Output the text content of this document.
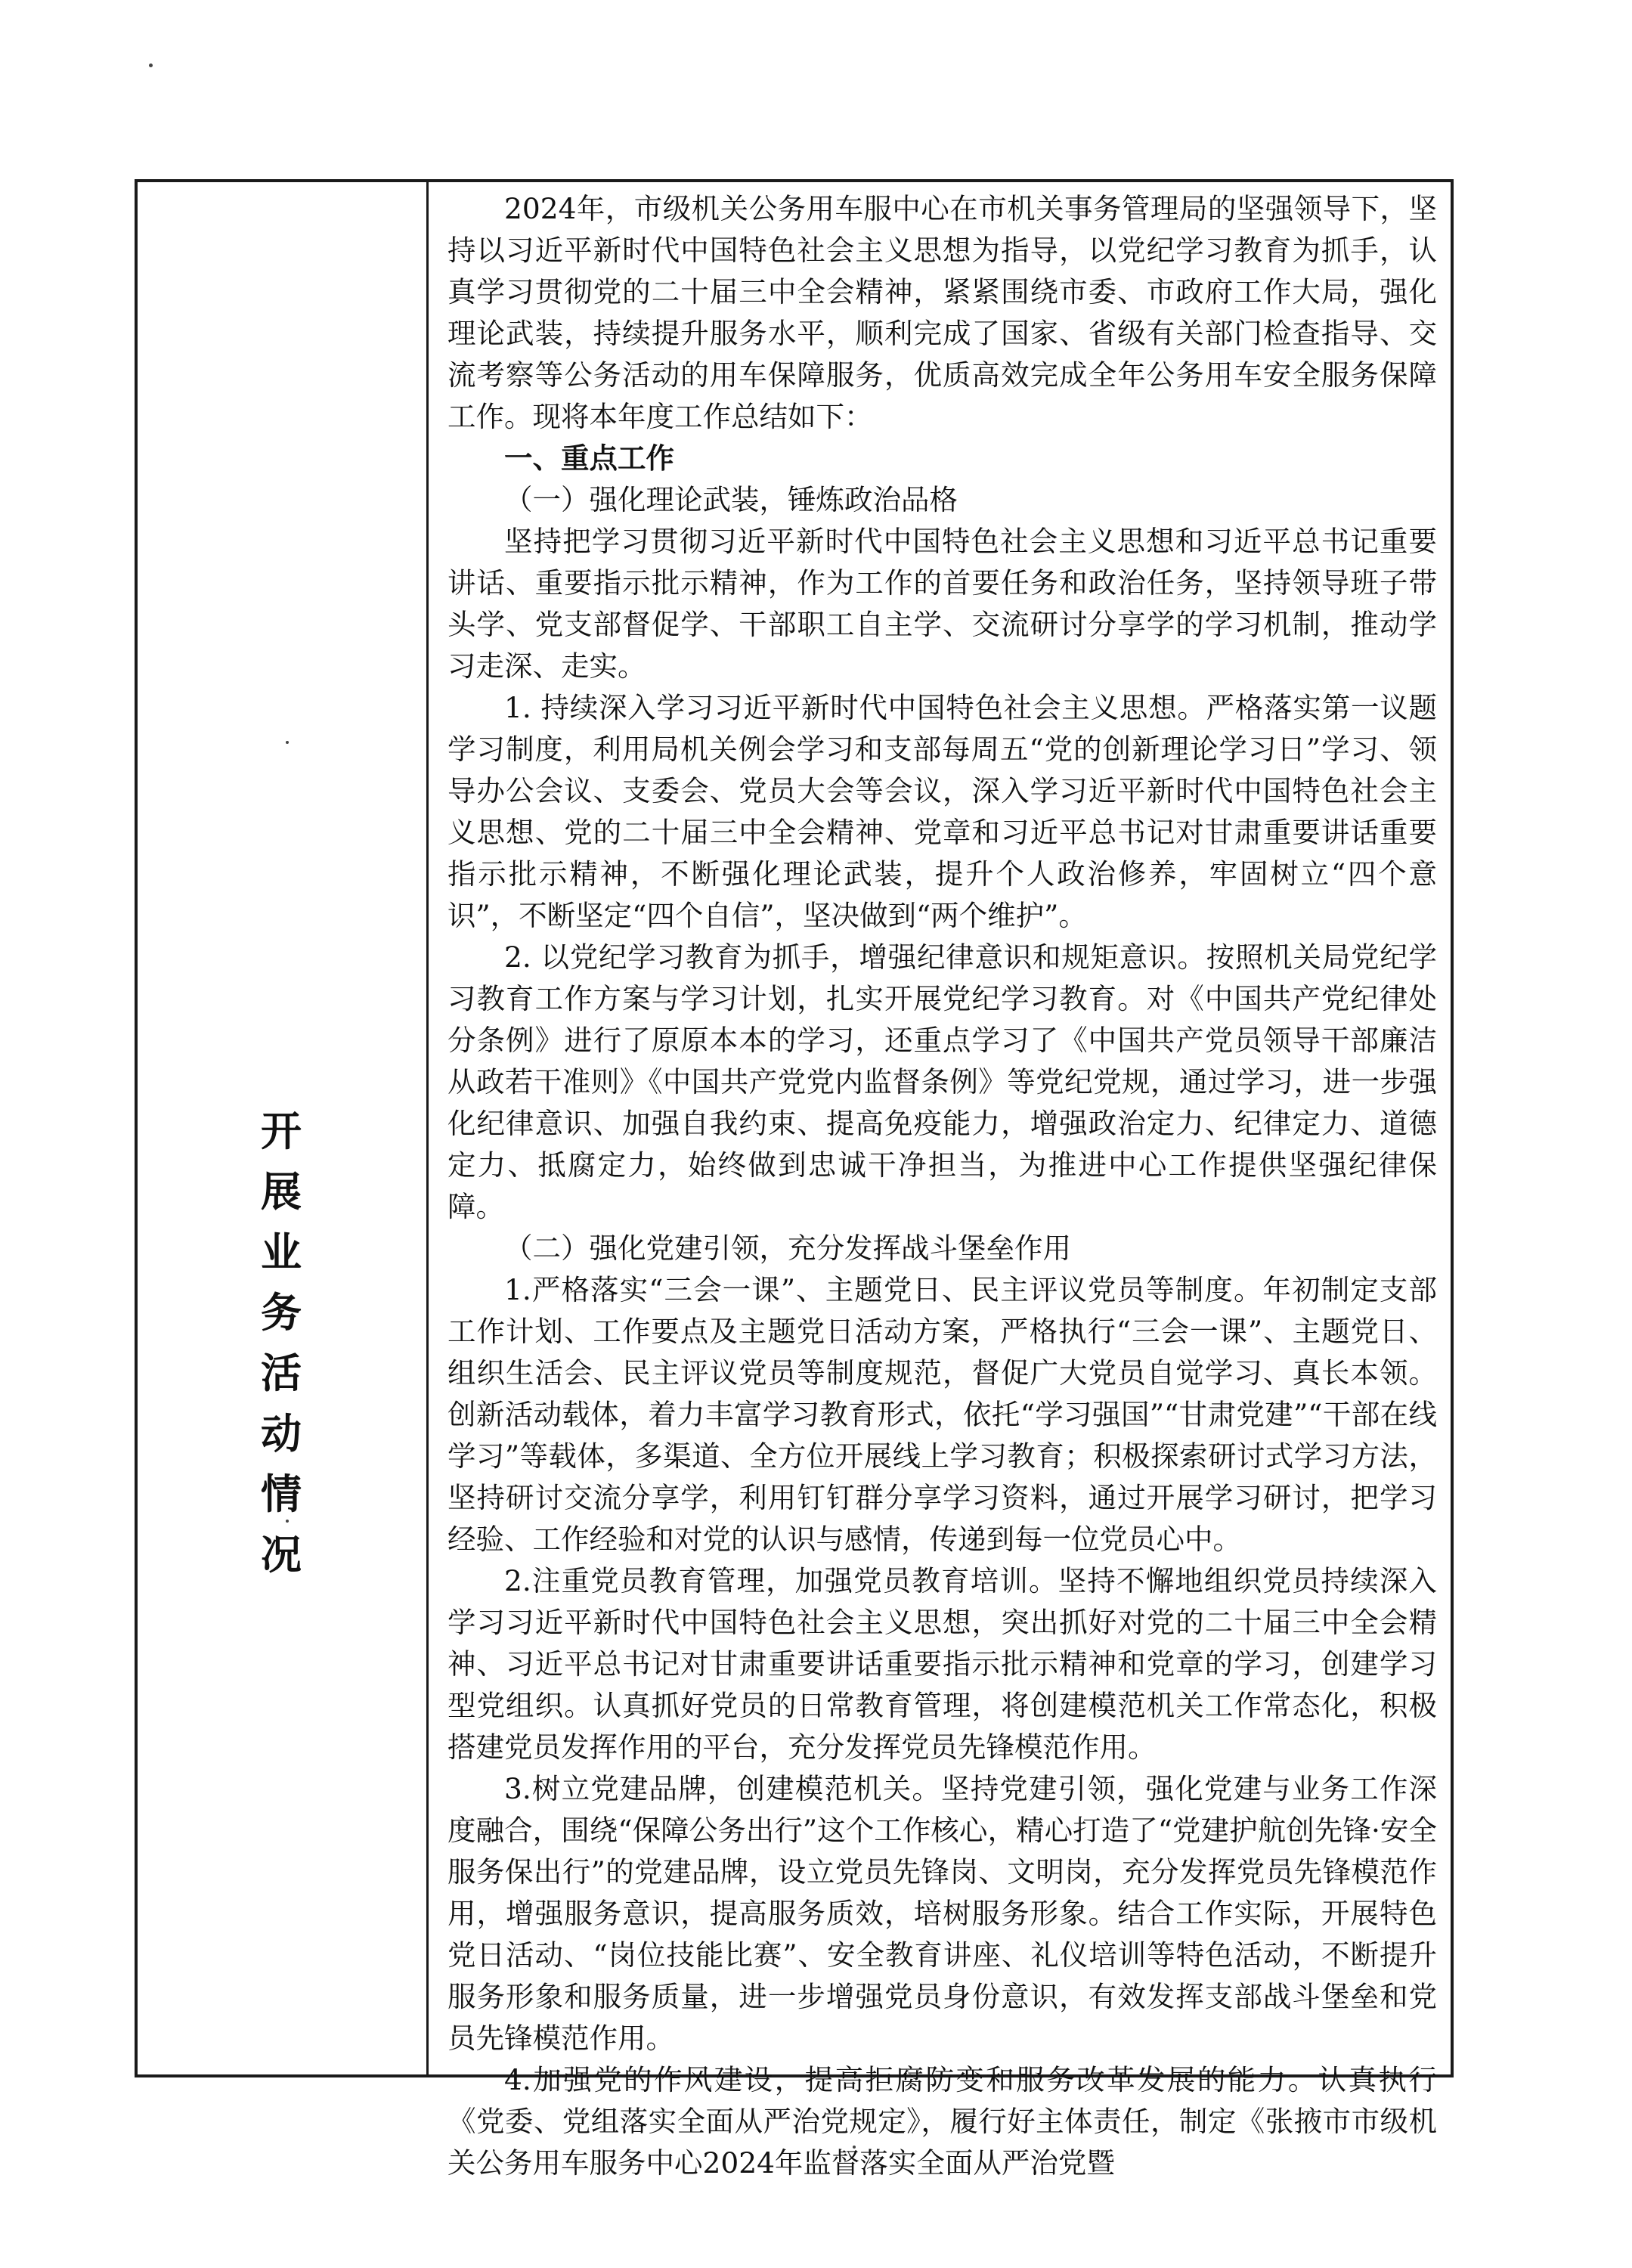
开
展
业
务
活
动
情
况

2024年，市级机关公务用车服中心在市机关事务管理局的坚强领导下，坚持以习近平新时代中国特色社会主义思想为指导，以党纪学习教育为抓手，认真学习贯彻党的二十届三中全会精神，紧紧围绕市委、市政府工作大局，强化理论武装，持续提升服务水平，顺利完成了国家、省级有关部门检查指导、交流考察等公务活动的用车保障服务，优质高效完成全年公务用车安全服务保障工作。现将本年度工作总结如下：

一、重点工作

（一）强化理论武装，锤炼政治品格

坚持把学习贯彻习近平新时代中国特色社会主义思想和习近平总书记重要讲话、重要指示批示精神，作为工作的首要任务和政治任务，坚持领导班子带头学、党支部督促学、干部职工自主学、交流研讨分享学的学习机制，推动学习走深、走实。

1. 持续深入学习习近平新时代中国特色社会主义思想。严格落实第一议题学习制度，利用局机关例会学习和支部每周五“党的创新理论学习日”学习、领导办公会议、支委会、党员大会等会议，深入学习近平新时代中国特色社会主义思想、党的二十届三中全会精神、党章和习近平总书记对甘肃重要讲话重要指示批示精神，不断强化理论武装，提升个人政治修养，牢固树立“四个意识”，不断坚定“四个自信”，坚决做到“两个维护”。

2. 以党纪学习教育为抓手，增强纪律意识和规矩意识。按照机关局党纪学习教育工作方案与学习计划，扎实开展党纪学习教育。对《中国共产党纪律处分条例》进行了原原本本的学习，还重点学习了《中国共产党员领导干部廉洁从政若干准则》《中国共产党党内监督条例》等党纪党规，通过学习，进一步强化纪律意识、加强自我约束、提高免疫能力，增强政治定力、纪律定力、道德定力、抵腐定力，始终做到忠诚干净担当，为推进中心工作提供坚强纪律保障。

（二）强化党建引领，充分发挥战斗堡垒作用

1.严格落实“三会一课”、主题党日、民主评议党员等制度。年初制定支部工作计划、工作要点及主题党日活动方案，严格执行“三会一课”、主题党日、组织生活会、民主评议党员等制度规范，督促广大党员自觉学习、真长本领。创新活动载体，着力丰富学习教育形式，依托“学习强国”“甘肃党建”“干部在线学习”等载体，多渠道、全方位开展线上学习教育；积极探索研讨式学习方法，坚持研讨交流分享学，利用钉钉群分享学习资料，通过开展学习研讨，把学习经验、工作经验和对党的认识与感情，传递到每一位党员心中。

2.注重党员教育管理，加强党员教育培训。坚持不懈地组织党员持续深入学习习近平新时代中国特色社会主义思想，突出抓好对党的二十届三中全会精神、习近平总书记对甘肃重要讲话重要指示批示精神和党章的学习，创建学习型党组织。认真抓好党员的日常教育管理，将创建模范机关工作常态化，积极搭建党员发挥作用的平台，充分发挥党员先锋模范作用。

3.树立党建品牌，创建模范机关。坚持党建引领，强化党建与业务工作深度融合，围绕“保障公务出行”这个工作核心，精心打造了“党建护航创先锋·安全服务保出行”的党建品牌，设立党员先锋岗、文明岗，充分发挥党员先锋模范作用，增强服务意识，提高服务质效，培树服务形象。结合工作实际，开展特色党日活动、“岗位技能比赛”、安全教育讲座、礼仪培训等特色活动，不断提升服务形象和服务质量，进一步增强党员身份意识，有效发挥支部战斗堡垒和党员先锋模范作用。

4.加强党的作风建设，提高拒腐防变和服务改革发展的能力。认真执行《党委、党组落实全面从严治党规定》，履行好主体责任，制定《张掖市市级机关公务用车服务中心2024年监督落实全面从严治党暨
